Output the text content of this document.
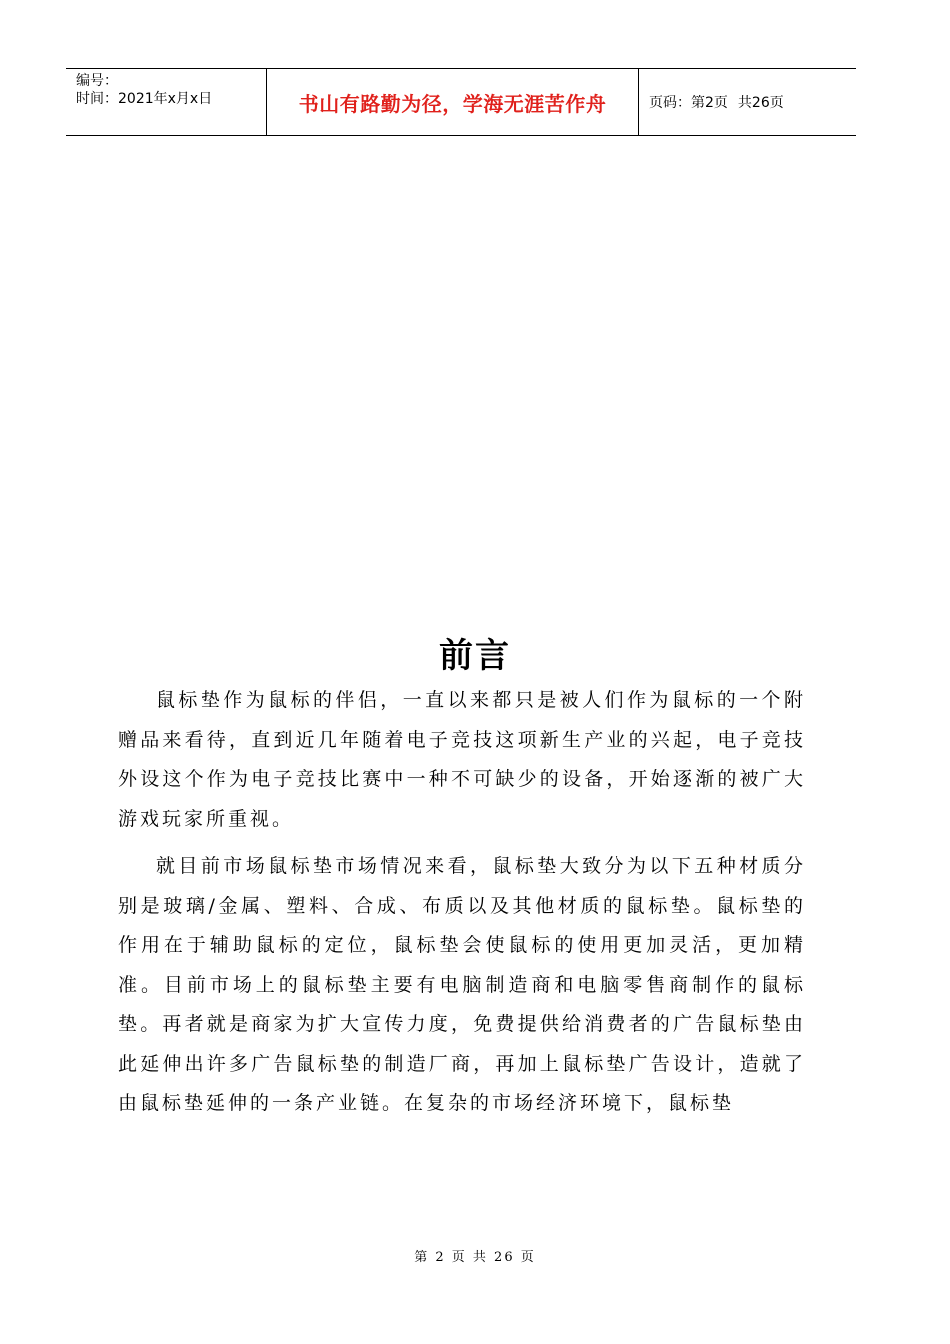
编号：
时间：2021年x月x日	书山有路勤为径，学海无涯苦作舟	页码：第2页 共26页
前言

鼠标垫作为鼠标的伴侣，一直以来都只是被人们作为鼠标的一个附赠品来看待，直到近几年随着电子竞技这项新生产业的兴起，电子竞技外设这个作为电子竞技比赛中一种不可缺少的设备，开始逐渐的被广大游戏玩家所重视。

就目前市场鼠标垫市场情况来看，鼠标垫大致分为以下五种材质分别是玻璃/金属、塑料、合成、布质以及其他材质的鼠标垫。鼠标垫的作用在于辅助鼠标的定位，鼠标垫会使鼠标的使用更加灵活，更加精准。目前市场上的鼠标垫主要有电脑制造商和电脑零售商制作的鼠标垫。再者就是商家为扩大宣传力度，免费提供给消费者的广告鼠标垫由此延伸出许多广告鼠标垫的制造厂商，再加上鼠标垫广告设计，造就了由鼠标垫延伸的一条产业链。在复杂的市场经济环境下，鼠标垫

第 2 页 共 26 页
